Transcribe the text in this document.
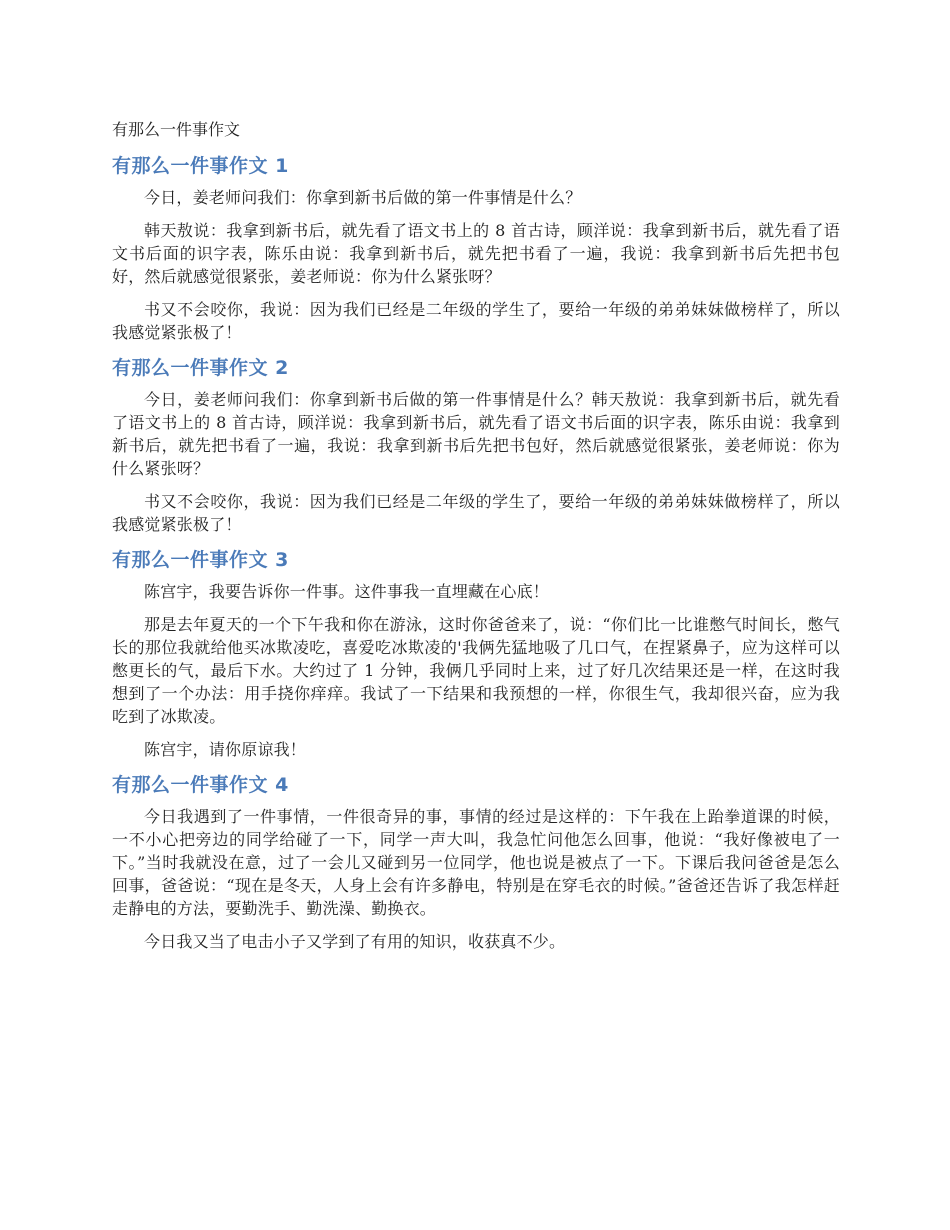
有那么一件事作文
有那么一件事作文 1

今日，姜老师问我们：你拿到新书后做的第一件事情是什么？

韩天敖说：我拿到新书后，就先看了语文书上的 8 首古诗，顾洋说：我拿到新书后，就先看了语文书后面的识字表，陈乐由说：我拿到新书后，就先把书看了一遍，我说：我拿到新书后先把书包好，然后就感觉很紧张，姜老师说：你为什么紧张呀？

书又不会咬你，我说：因为我们已经是二年级的学生了，要给一年级的弟弟妹妹做榜样了，所以我感觉紧张极了！

有那么一件事作文 2

今日，姜老师问我们：你拿到新书后做的第一件事情是什么？韩天敖说：我拿到新书后，就先看了语文书上的 8 首古诗，顾洋说：我拿到新书后，就先看了语文书后面的识字表，陈乐由说：我拿到新书后，就先把书看了一遍，我说：我拿到新书后先把书包好，然后就感觉很紧张，姜老师说：你为什么紧张呀？

书又不会咬你，我说：因为我们已经是二年级的学生了，要给一年级的弟弟妹妹做榜样了，所以我感觉紧张极了！

有那么一件事作文 3

陈宫宇，我要告诉你一件事。这件事我一直埋藏在心底！

那是去年夏天的一个下午我和你在游泳，这时你爸爸来了，说：“你们比一比谁憋气时间长，憋气长的那位我就给他买冰欺凌吃，喜爱吃冰欺凌的'我俩先猛地吸了几口气，在捏紧鼻子，应为这样可以憋更长的气，最后下水。大约过了 1 分钟，我俩几乎同时上来，过了好几次结果还是一样，在这时我想到了一个办法：用手挠你痒痒。我试了一下结果和我预想的一样，你很生气，我却很兴奋，应为我吃到了冰欺凌。

陈宫宇，请你原谅我！

有那么一件事作文 4

今日我遇到了一件事情，一件很奇异的事，事情的经过是这样的：下午我在上跆拳道课的时候，一不小心把旁边的同学给碰了一下，同学一声大叫，我急忙问他怎么回事，他说：“我好像被电了一下。”当时我就没在意，过了一会儿又碰到另一位同学，他也说是被点了一下。下课后我问爸爸是怎么回事，爸爸说：“现在是冬天，人身上会有许多静电，特别是在穿毛衣的时候。”爸爸还告诉了我怎样赶走静电的方法，要勤洗手、勤洗澡、勤换衣。

今日我又当了电击小子又学到了有用的知识，收获真不少。
